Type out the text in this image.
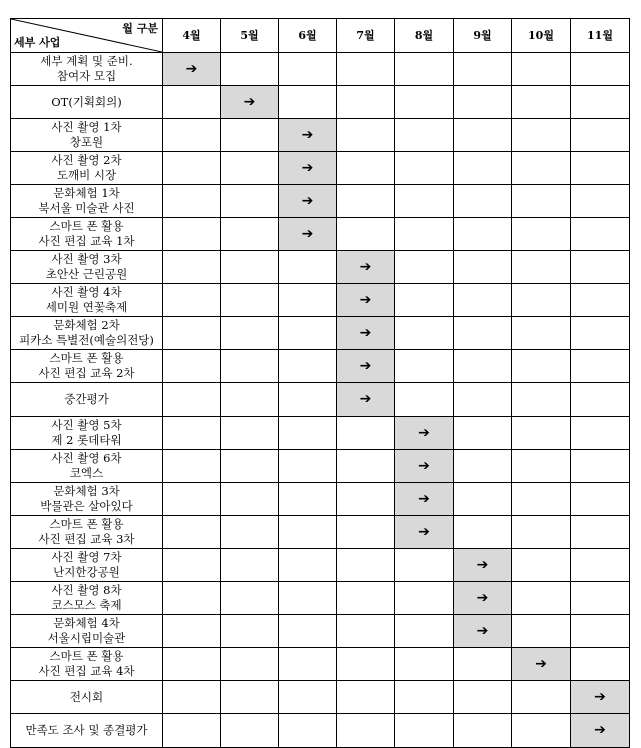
월 구분
세부 사업	4월	5월	6월	7월	8월	9월	10월	11월

세부 계획 및 준비.
참여자 모집	➔							

OT(기획회의)		➔						

사진 촬영 1차
창포원			➔					

사진 촬영 2차
도깨비 시장			➔					

문화체험 1차
북서울 미술관 사진			➔					

스마트 폰 활용
사진 편집 교육 1차			➔					

사진 촬영 3차
초안산 근린공원				➔				

사진 촬영 4차
세미원 연꽃축제				➔				

문화체험 2차
피카소 특별전(예술의전당)				➔				

스마트 폰 활용
사진 편집 교육 2차				➔				

중간평가				➔				

사진 촬영 5차
제 2 롯데타워					➔			

사진 촬영 6차
코엑스					➔			

문화체험 3차
박물관은 살아있다					➔			

스마트 폰 활용
사진 편집 교육 3차					➔			

사진 촬영 7차
난지한강공원						➔		

사진 촬영 8차
코스모스 축제						➔		

문화체험 4차
서울시립미술관						➔		

스마트 폰 활용
사진 편집 교육 4차							➔	

전시회								➔

만족도 조사 및 종결평가								➔
